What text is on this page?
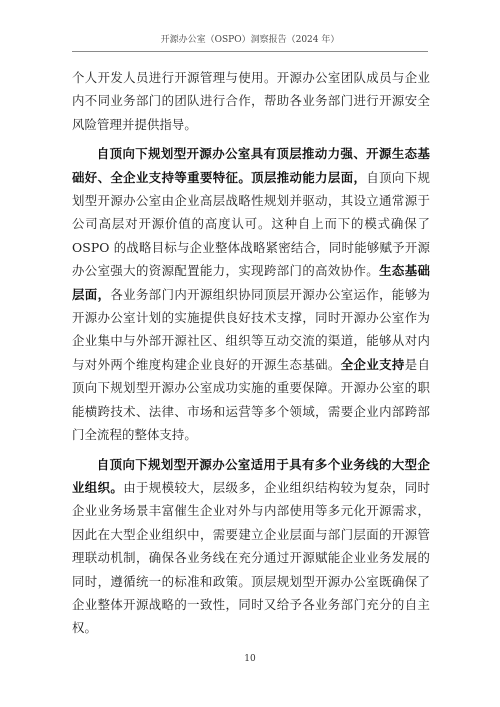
开源办公室（OSPO）洞察报告（2024 年）

个人开发人员进行开源管理与使用。开源办公室团队成员与企业内不同业务部门的团队进行合作，帮助各业务部门进行开源安全风险管理并提供指导。

自顶向下规划型开源办公室具有顶层推动力强、开源生态基础好、全企业支持等重要特征。顶层推动能力层面，自顶向下规划型开源办公室由企业高层战略性规划并驱动，其设立通常源于公司高层对开源价值的高度认可。这种自上而下的模式确保了 OSPO 的战略目标与企业整体战略紧密结合，同时能够赋予开源办公室强大的资源配置能力，实现跨部门的高效协作。生态基础层面，各业务部门内开源组织协同顶层开源办公室运作，能够为开源办公室计划的实施提供良好技术支撑，同时开源办公室作为企业集中与外部开源社区、组织等互动交流的渠道，能够从对内与对外两个维度构建企业良好的开源生态基础。全企业支持是自顶向下规划型开源办公室成功实施的重要保障。开源办公室的职能横跨技术、法律、市场和运营等多个领域，需要企业内部跨部门全流程的整体支持。

自顶向下规划型开源办公室适用于具有多个业务线的大型企业组织。由于规模较大，层级多，企业组织结构较为复杂，同时企业业务场景丰富催生企业对外与内部使用等多元化开源需求，因此在大型企业组织中，需要建立企业层面与部门层面的开源管理联动机制，确保各业务线在充分通过开源赋能企业业务发展的同时，遵循统一的标准和政策。顶层规划型开源办公室既确保了企业整体开源战略的一致性，同时又给予各业务部门充分的自主权。

10
